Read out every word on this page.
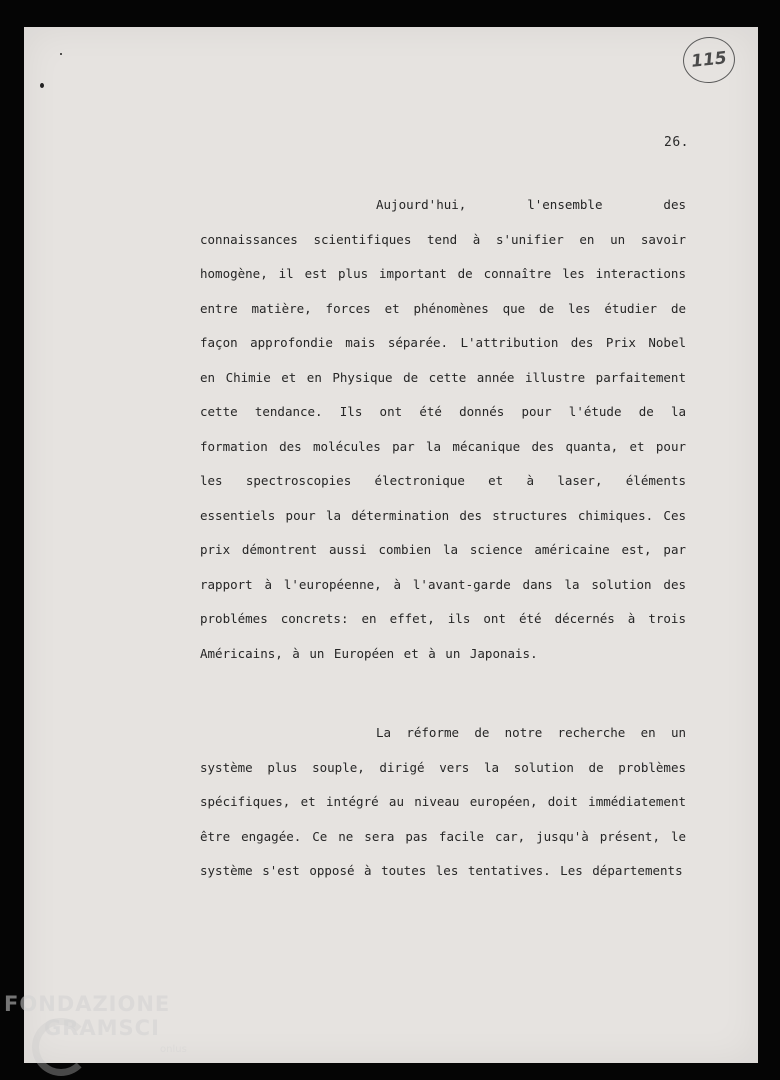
115
26.

Aujourd'hui, l'ensemble des connaissances scientifiques tend à s'unifier en un savoir homogène, il est plus important de connaître les interactions entre matière, forces et phénomènes que de les étudier de façon approfondie mais séparée. L'attribution des Prix Nobel en Chimie et en Physique de cette année illustre parfaitement cette tendance. Ils ont été donnés pour l'étude de la formation des molécules par la mécanique des quanta, et pour les spectroscopies électronique et à laser, éléments essentiels pour la détermination des structures chimiques. Ces prix démontrent aussi combien la science américaine est, par rapport à l'européenne, à l'avant-garde dans la solution des problémes concrets: en effet, ils ont été décernés à trois Américains, à un Européen et à un Japonais.

La réforme de notre recherche en un système plus souple, dirigé vers la solution de problèmes spécifiques, et intégré au niveau européen, doit immédiatement être engagée. Ce ne sera pas facile car, jusqu'à présent, le système s'est opposé à toutes les tentatives. Les départements

FONDAZIONE
GRAMSCI
onlus
